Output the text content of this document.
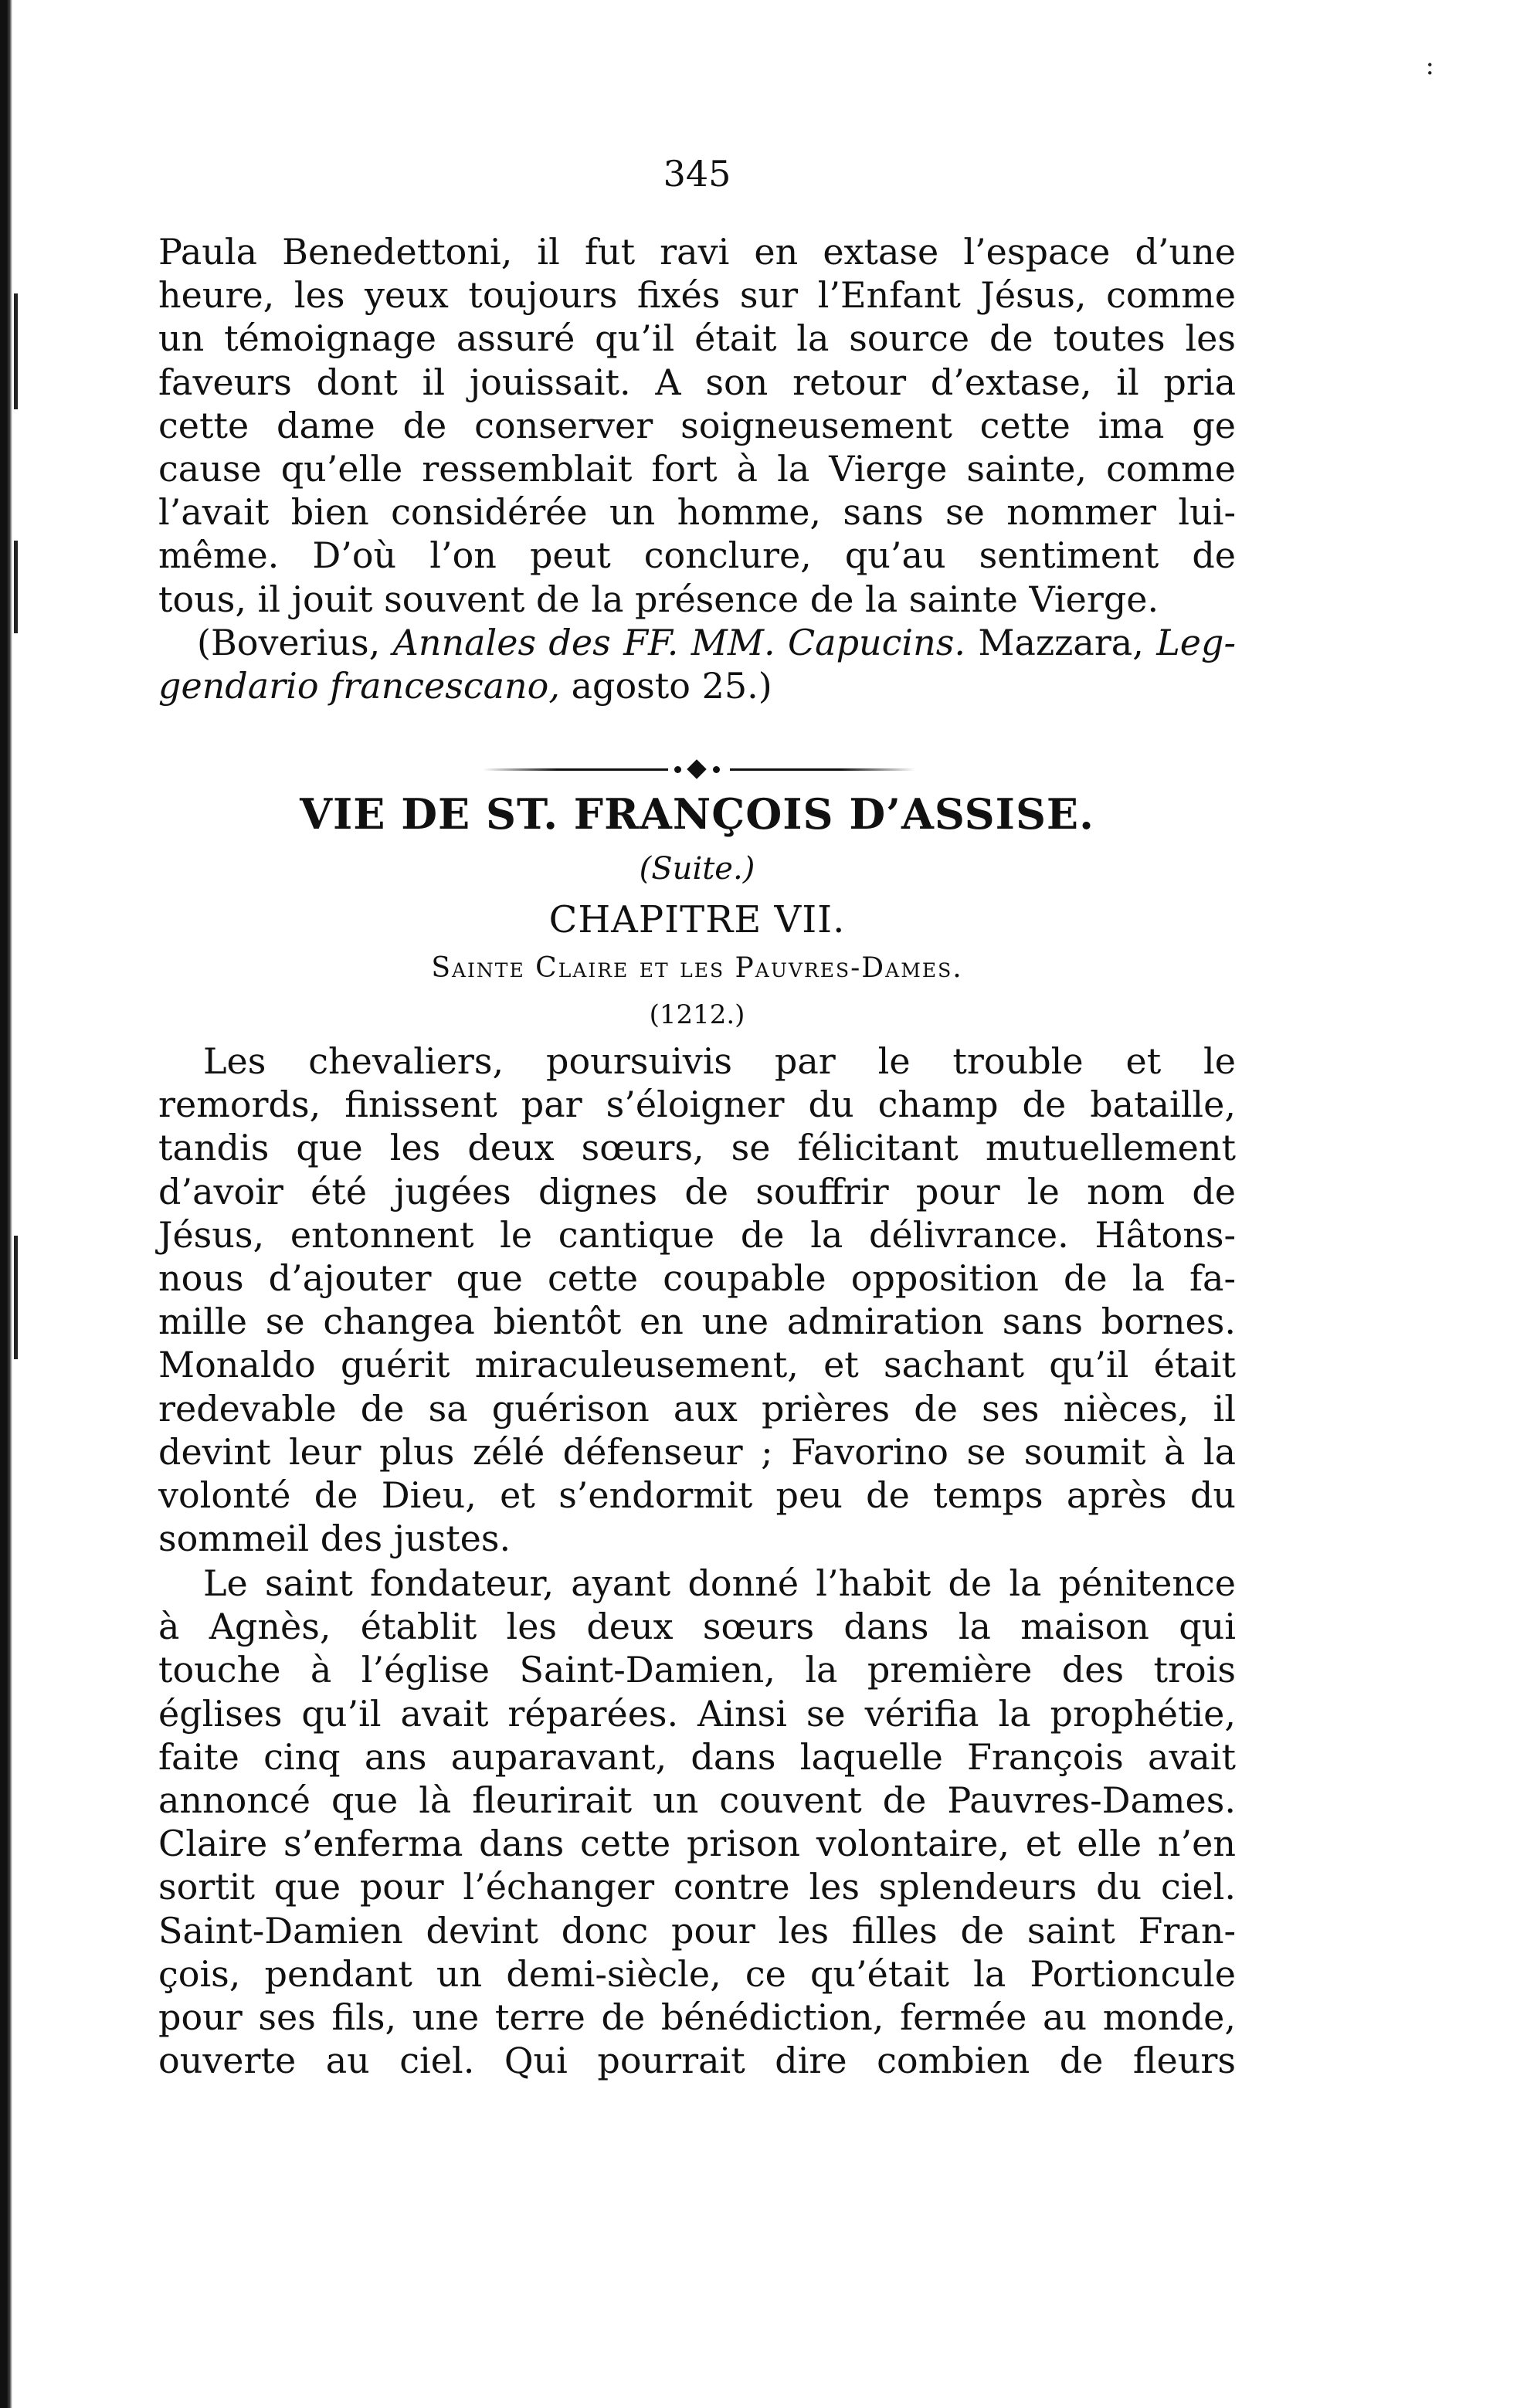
:
345
Paula Benedettoni, il fut ravi en extase l’espace d’une
heure, les yeux toujours fixés sur l’Enfant Jésus, comme
un témoignage assuré qu’il était la source de toutes les
faveurs dont il jouissait. A son retour d’extase, il pria
cette dame de conserver soigneusement cette ima ge
cause qu’elle ressemblait fort à la Vierge sainte, comme
l’avait bien considérée un homme, sans se nommer lui-
même. D’où l’on peut conclure, qu’au sentiment de
tous, il jouit souvent de la présence de la sainte Vierge.
(Boverius, Annales des FF. MM. Capucins. Mazzara, Leg-
gendario francescano, agosto 25.)
VIE DE ST. FRANÇOIS D’ASSISE.
(Suite.)
CHAPITRE VII.
Sainte Claire et les Pauvres-Dames.
(1212.)
Les chevaliers, poursuivis par le trouble et le
remords, finissent par s’éloigner du champ de bataille,
tandis que les deux sœurs, se félicitant mutuellement
d’avoir été jugées dignes de souffrir pour le nom de
Jésus, entonnent le cantique de la délivrance. Hâtons-
nous d’ajouter que cette coupable opposition de la fa-
mille se changea bientôt en une admiration sans bornes.
Monaldo guérit miraculeusement, et sachant qu’il était
redevable de sa guérison aux prières de ses nièces, il
devint leur plus zélé défenseur ; Favorino se soumit à la
volonté de Dieu, et s’endormit peu de temps après du
sommeil des justes.
Le saint fondateur, ayant donné l’habit de la pénitence
à Agnès, établit les deux sœurs dans la maison qui
touche à l’église Saint-Damien, la première des trois
églises qu’il avait réparées. Ainsi se vérifia la prophétie,
faite cinq ans auparavant, dans laquelle François avait
annoncé que là fleurirait un couvent de Pauvres-Dames.
Claire s’enferma dans cette prison volontaire, et elle n’en
sortit que pour l’échanger contre les splendeurs du ciel.
Saint-Damien devint donc pour les filles de saint Fran-
çois, pendant un demi-siècle, ce qu’était la Portioncule
pour ses fils, une terre de bénédiction, fermée au monde,
ouverte au ciel. Qui pourrait dire combien de fleurs
